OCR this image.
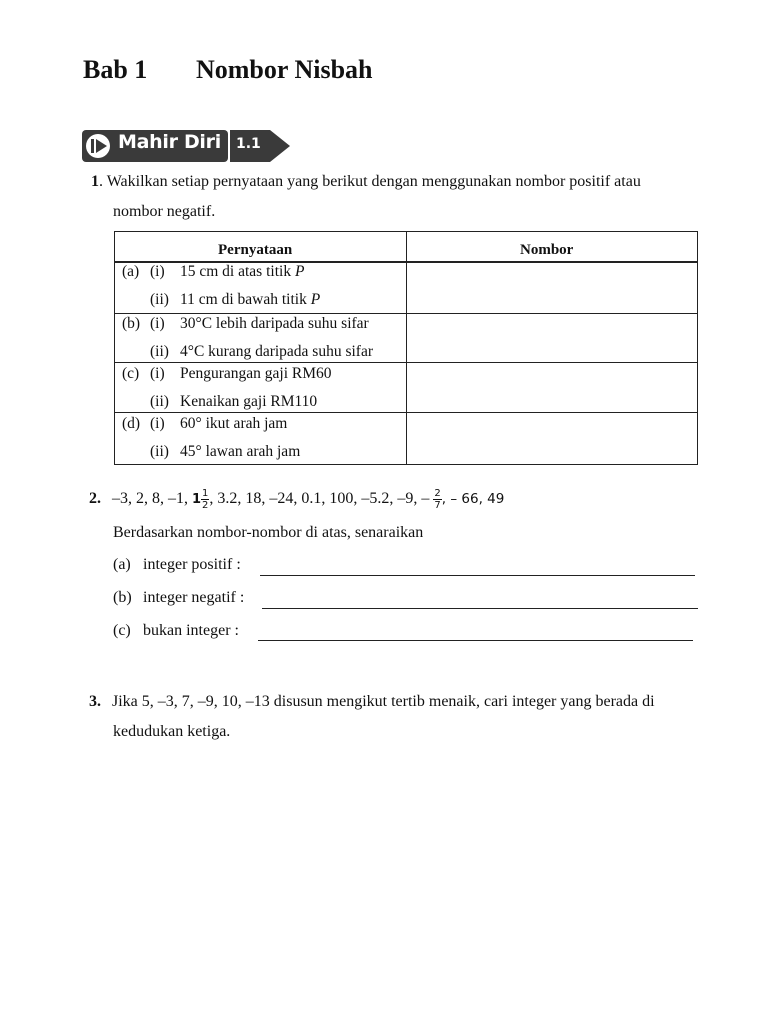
Bab 1 Nombor Nisbah
Mahir Diri 1.1
1. Wakilkan setiap pernyataan yang berikut dengan menggunakan nombor positif atau
nombor negatif.
Pernyataan	Nombor
(a) (i) 15 cm di atas titik P
(ii) 11 cm di bawah titik P
(b) (i) 30°C lebih daripada suhu sifar
(ii) 4°C kurang daripada suhu sifar
(c) (i) Pengurangan gaji RM60
(ii) Kenaikan gaji RM110
(d) (i) 60° ikut arah jam
(ii) 45° lawan arah jam
2. –3, 2, 8, –1, $1 \frac{1}{2}$ , 3.2, 18, –24, 0.1, 100, –5.2, –9, – $\frac{2}{7}$ , – 66, 49
Berdasarkan nombor-nombor di atas, senaraikan
(a) integer positif :
(b) integer negatif :
(c) bukan integer :
3. Jika 5, –3, 7, –9, 10, –13 disusun mengikut tertib menaik, cari integer yang berada di
kedudukan ketiga.
